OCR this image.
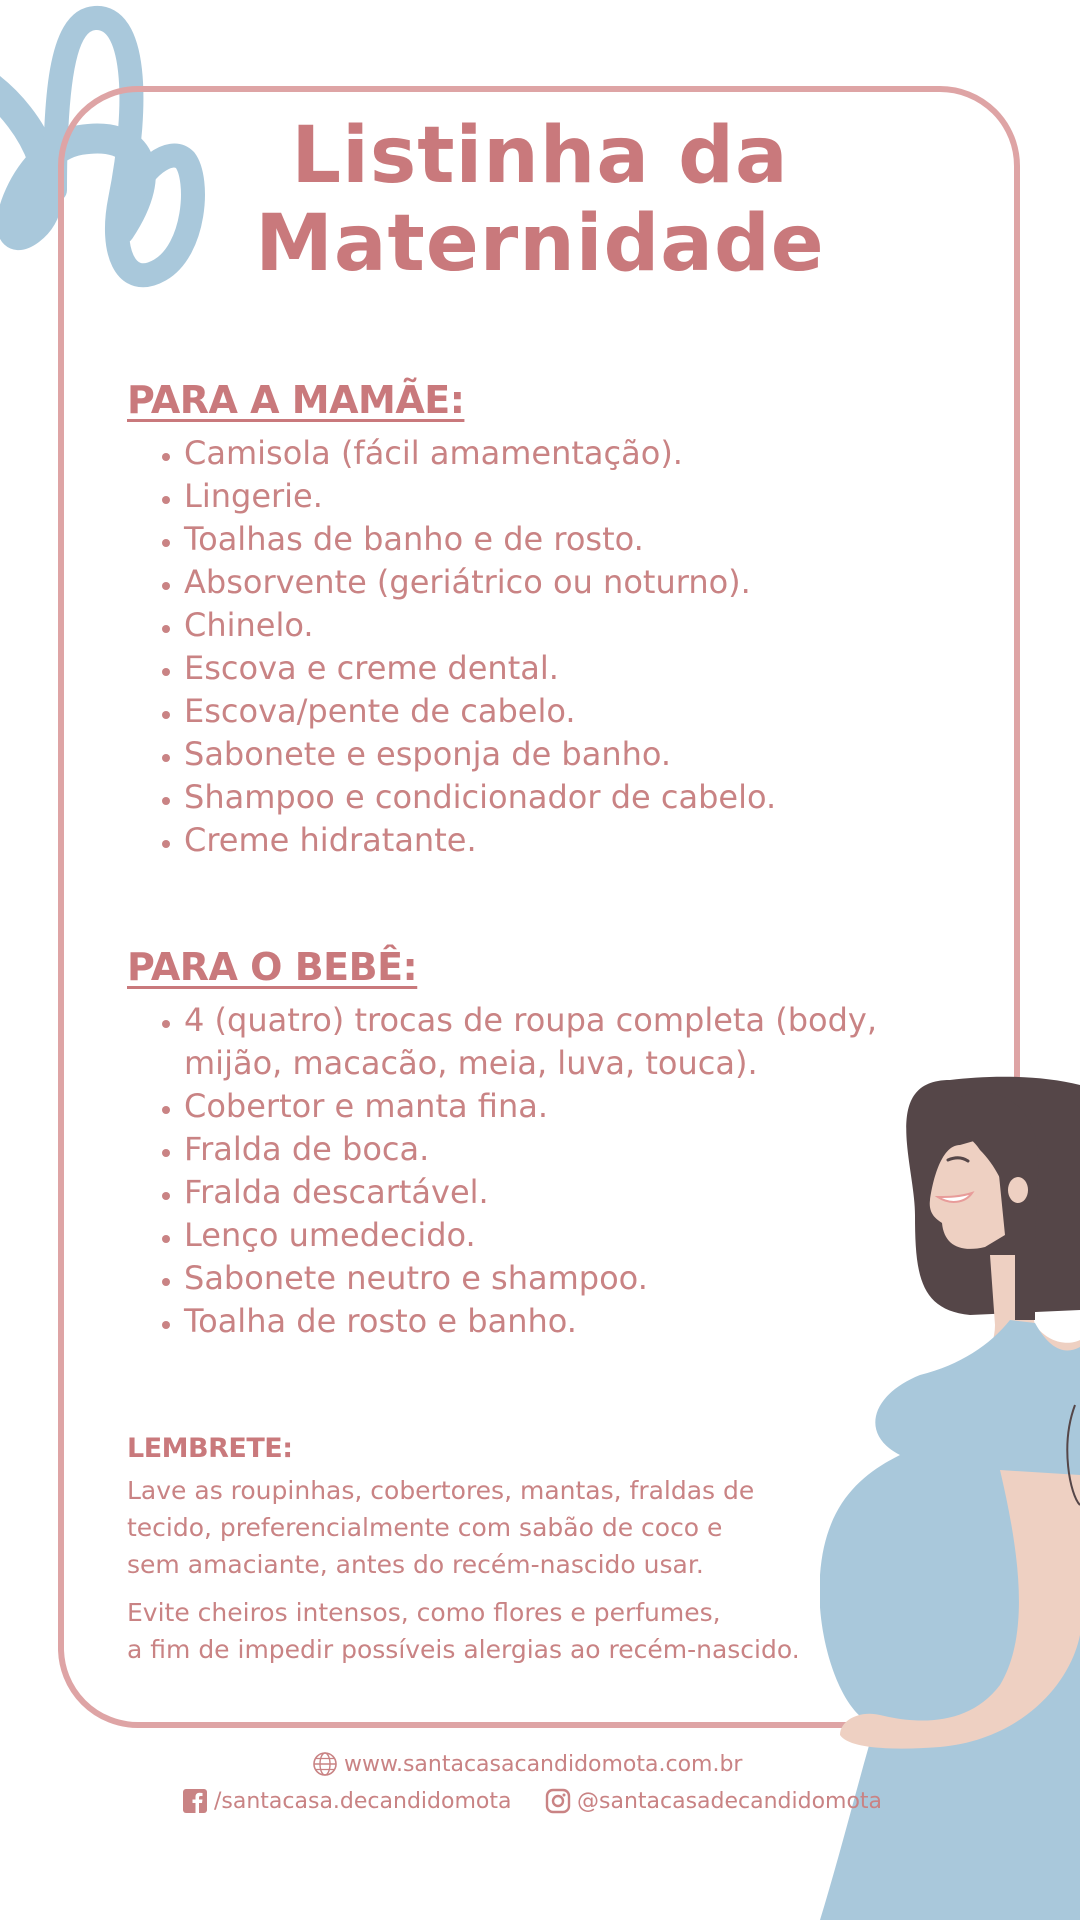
Listinha da
Maternidade
PARA A MAMÃE:
• Camisola (fácil amamentação).
• Lingerie.
• Toalhas de banho e de rosto.
• Absorvente (geriátrico ou noturno).
• Chinelo.
• Escova e creme dental.
• Escova/pente de cabelo.
• Sabonete e esponja de banho.
• Shampoo e condicionador de cabelo.
• Creme hidratante.
PARA O BEBÊ:
• 4 (quatro) trocas de roupa completa (body,
mijão, macacão, meia, luva, touca).
• Cobertor e manta fina.
• Fralda de boca.
• Fralda descartável.
• Lenço umedecido.
• Sabonete neutro e shampoo.
• Toalha de rosto e banho.
LEMBRETE:

Lave as roupinhas, cobertores, mantas, fraldas de
tecido, preferencialmente com sabão de coco e
sem amaciante, antes do recém-nascido usar.

Evite cheiros intensos, como flores e perfumes,
a fim de impedir possíveis alergias ao recém-nascido.

www.santacasacandidomota.com.br
/santacasa.decandidomota	@santacasadecandidomota
